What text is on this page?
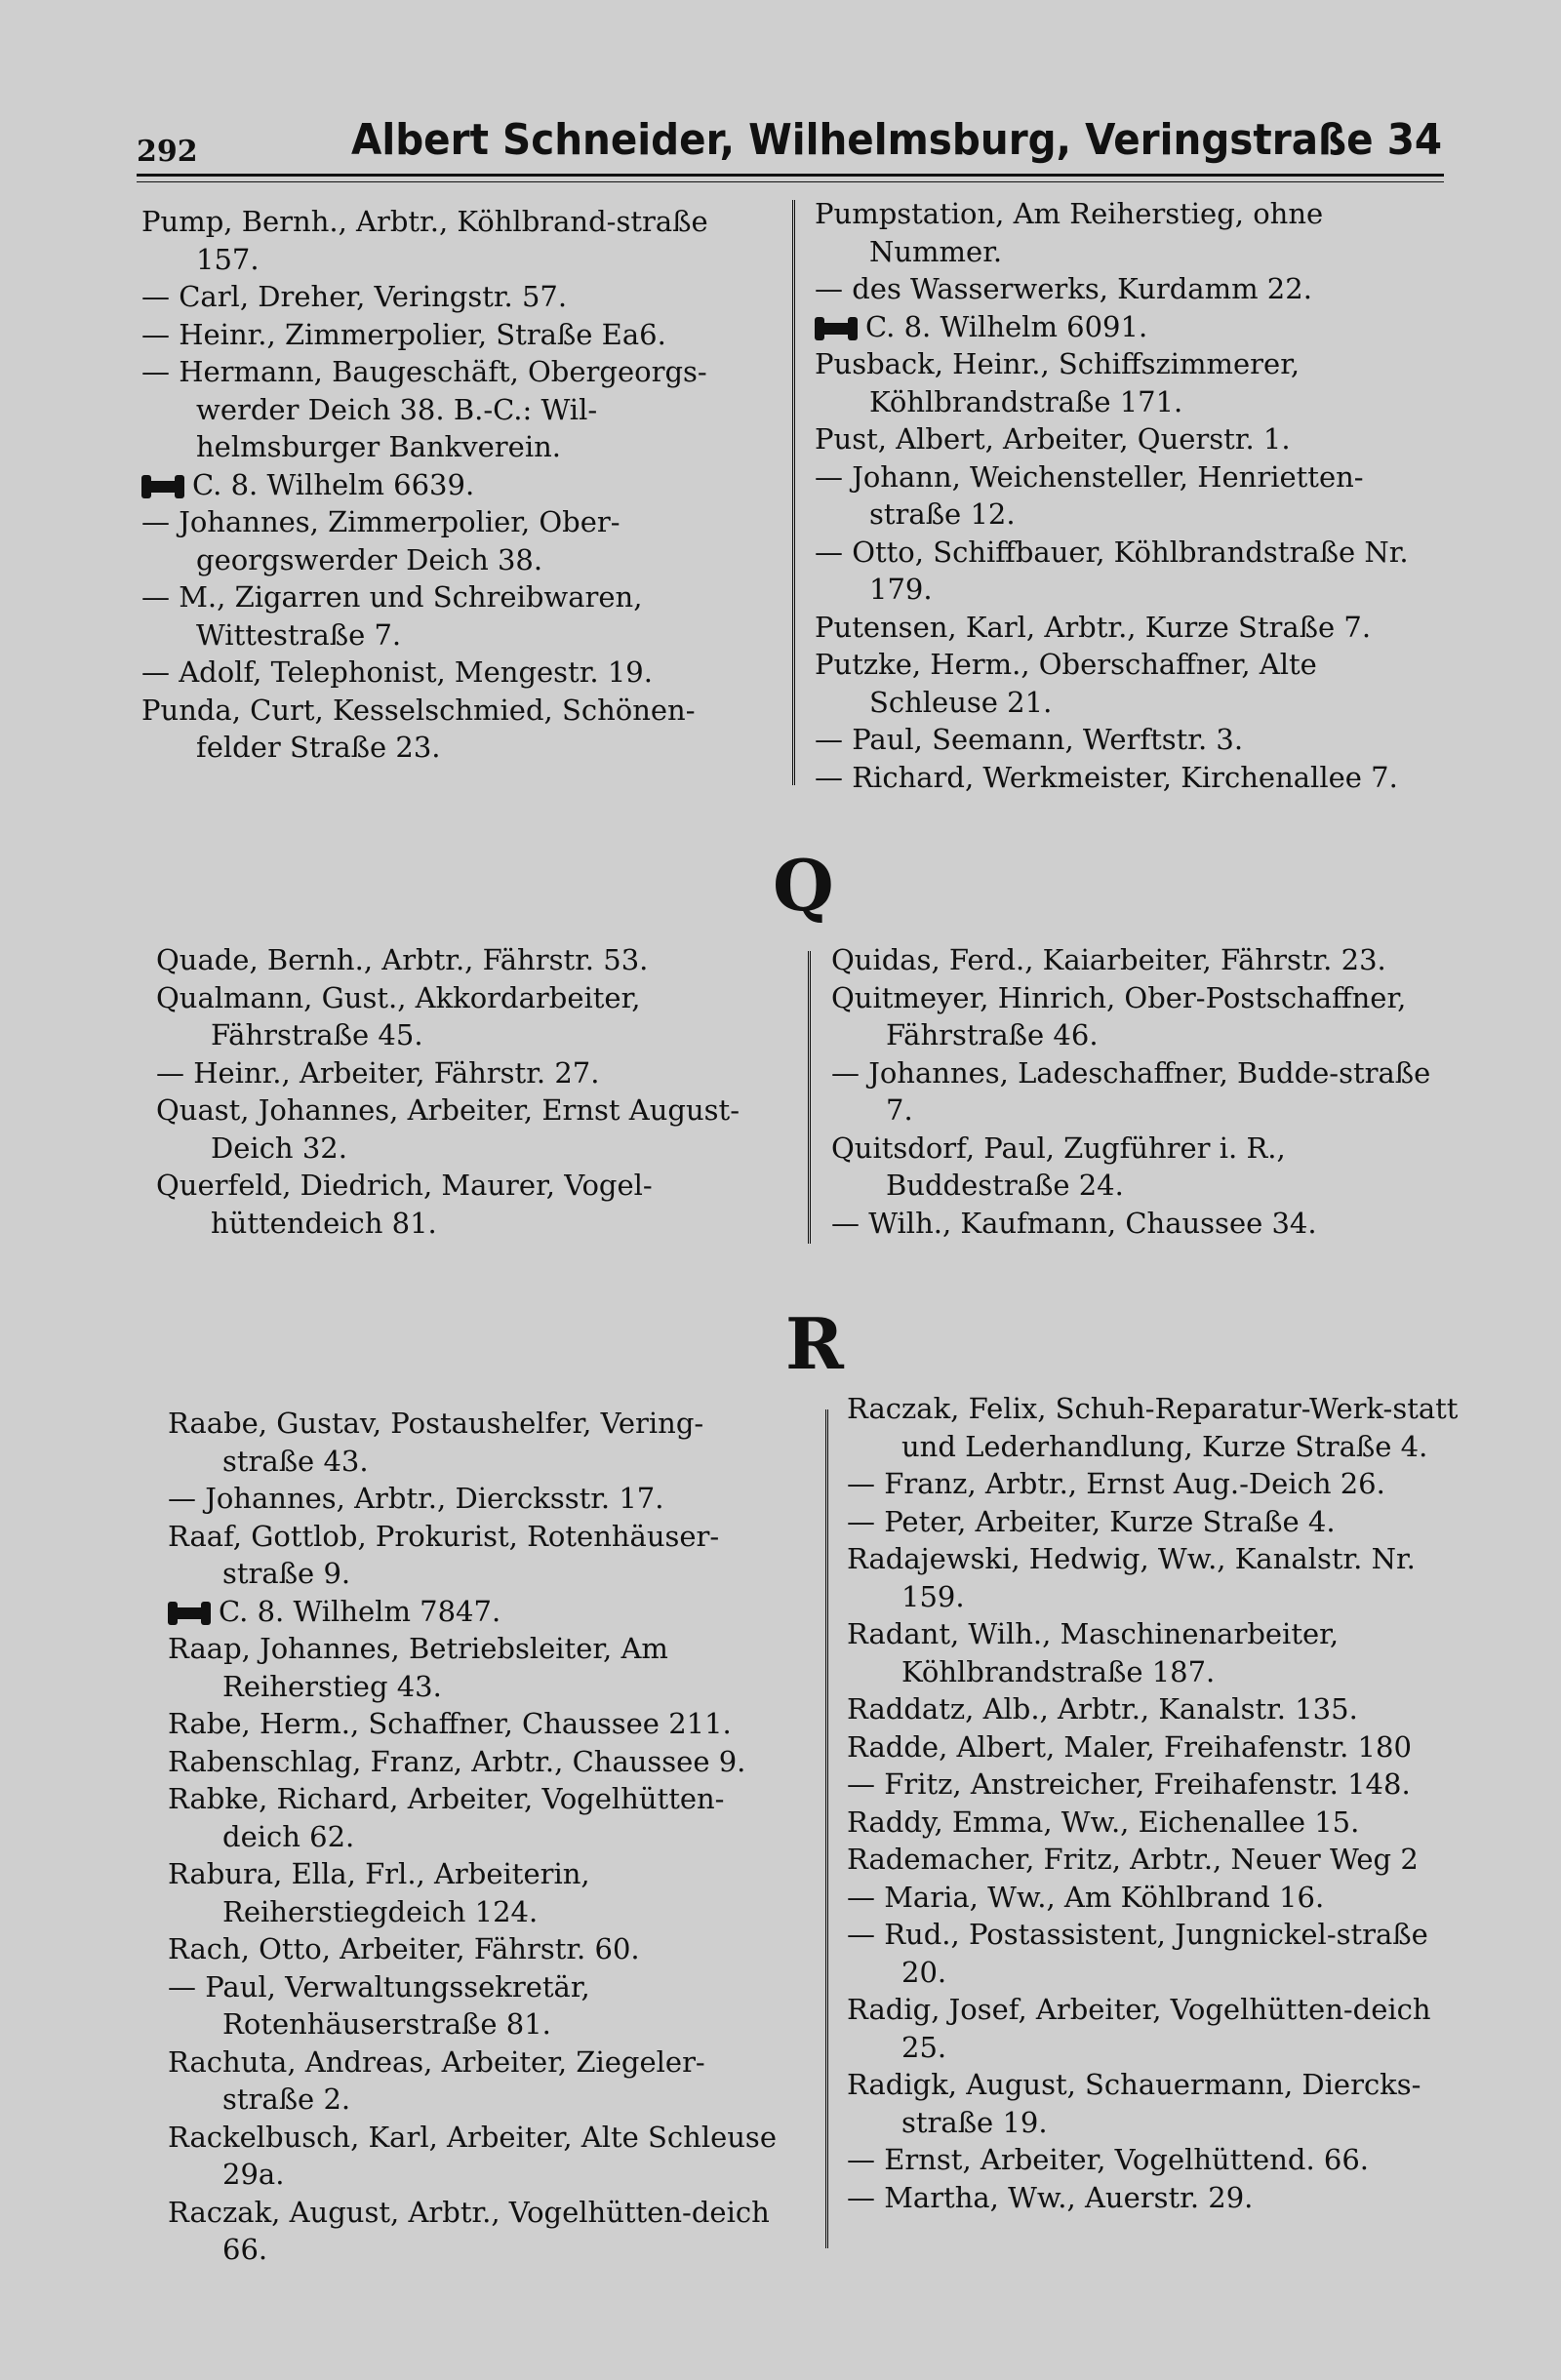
292	Albert Schneider, Wilhelmsburg, Veringstraße 34

Pump, Bernh., Arbtr., Köhlbrand-straße 157.

— Carl, Dreher, Veringstr. 57.

— Heinr., Zimmerpolier, Straße Ea6.

— Hermann, Baugeschäft, Obergeorgs-werder Deich 38. B.-C.: Wil-helmsburger Bankverein.

C. 8. Wilhelm 6639.

— Johannes, Zimmerpolier, Ober-georgswerder Deich 38.

— M., Zigarren und Schreibwaren, Wittestraße 7.

— Adolf, Telephonist, Mengestr. 19.

Punda, Curt, Kesselschmied, Schönen-felder Straße 23.

Pumpstation, Am Reiherstieg, ohne Nummer.

— des Wasserwerks, Kurdamm 22.

C. 8. Wilhelm 6091.

Pusback, Heinr., Schiffszimmerer, Köhlbrandstraße 171.

Pust, Albert, Arbeiter, Querstr. 1.

— Johann, Weichensteller, Henrietten-straße 12.

— Otto, Schiffbauer, Köhlbrandstraße Nr. 179.

Putensen, Karl, Arbtr., Kurze Straße 7.

Putzke, Herm., Oberschaffner, Alte Schleuse 21.

— Paul, Seemann, Werftstr. 3.

— Richard, Werkmeister, Kirchenallee 7.

Q

Quade, Bernh., Arbtr., Fährstr. 53.

Qualmann, Gust., Akkordarbeiter, Fährstraße 45.

— Heinr., Arbeiter, Fährstr. 27.

Quast, Johannes, Arbeiter, Ernst August-Deich 32.

Querfeld, Diedrich, Maurer, Vogel-hüttendeich 81.

Quidas, Ferd., Kaiarbeiter, Fährstr. 23.

Quitmeyer, Hinrich, Ober-Postschaffner, Fährstraße 46.

— Johannes, Ladeschaffner, Budde-straße 7.

Quitsdorf, Paul, Zugführer i. R., Buddestraße 24.

— Wilh., Kaufmann, Chaussee 34.

R

Raabe, Gustav, Postaushelfer, Vering-straße 43.

— Johannes, Arbtr., Diercksstr. 17.

Raaf, Gottlob, Prokurist, Rotenhäuser-straße 9.

C. 8. Wilhelm 7847.

Raap, Johannes, Betriebsleiter, Am Reiherstieg 43.

Rabe, Herm., Schaffner, Chaussee 211.

Rabenschlag, Franz, Arbtr., Chaussee 9.

Rabke, Richard, Arbeiter, Vogelhütten-deich 62.

Rabura, Ella, Frl., Arbeiterin, Reiherstiegdeich 124.

Rach, Otto, Arbeiter, Fährstr. 60.

— Paul, Verwaltungssekretär, Rotenhäuserstraße 81.

Rachuta, Andreas, Arbeiter, Ziegeler-straße 2.

Rackelbusch, Karl, Arbeiter, Alte Schleuse 29a.

Raczak, August, Arbtr., Vogelhütten-deich 66.

Raczak, Felix, Schuh-Reparatur-Werk-statt und Lederhandlung, Kurze Straße 4.

— Franz, Arbtr., Ernst Aug.-Deich 26.

— Peter, Arbeiter, Kurze Straße 4.

Radajewski, Hedwig, Ww., Kanalstr. Nr. 159.

Radant, Wilh., Maschinenarbeiter, Köhlbrandstraße 187.

Raddatz, Alb., Arbtr., Kanalstr. 135.

Radde, Albert, Maler, Freihafenstr. 180

— Fritz, Anstreicher, Freihafenstr. 148.

Raddy, Emma, Ww., Eichenallee 15.

Rademacher, Fritz, Arbtr., Neuer Weg 2

— Maria, Ww., Am Köhlbrand 16.

— Rud., Postassistent, Jungnickel-straße 20.

Radig, Josef, Arbeiter, Vogelhütten-deich 25.

Radigk, August, Schauermann, Diercks-straße 19.

— Ernst, Arbeiter, Vogelhüttend. 66.

— Martha, Ww., Auerstr. 29.
